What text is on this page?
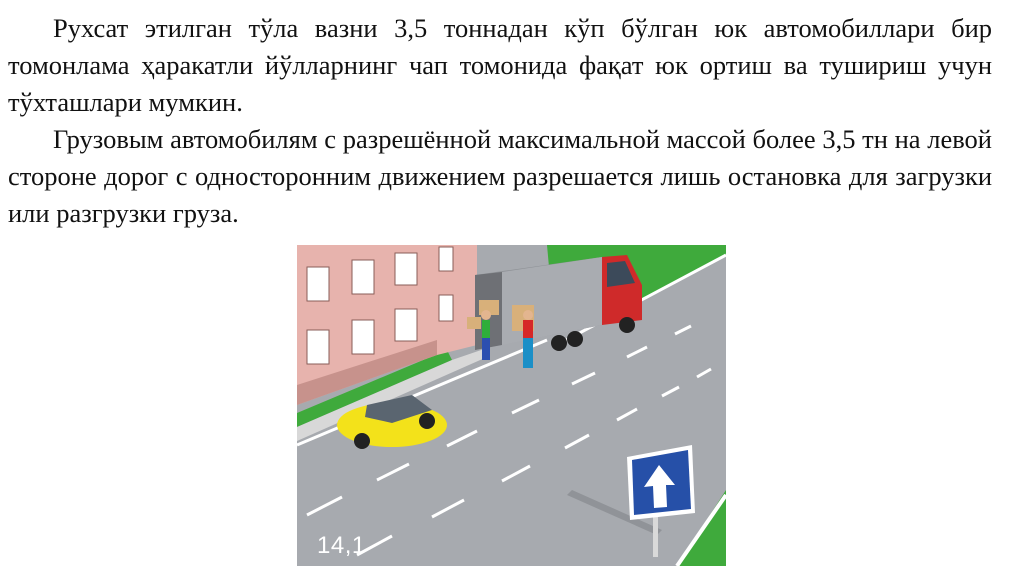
Рухсат этилган тўла вазни 3,5 тоннадан кўп бўлган юк автомобиллари бир томонлама ҳаракатли йўлларнинг чап томонида фақат юк ортиш ва тушириш учун тўхташлари мумкин.

Грузовым автомобилям с разрешённой максимальной массой более 3,5 тн на левой стороне дорог с односторонним движением разрешается лишь остановка для загрузки или разгрузки груза.

14,1
